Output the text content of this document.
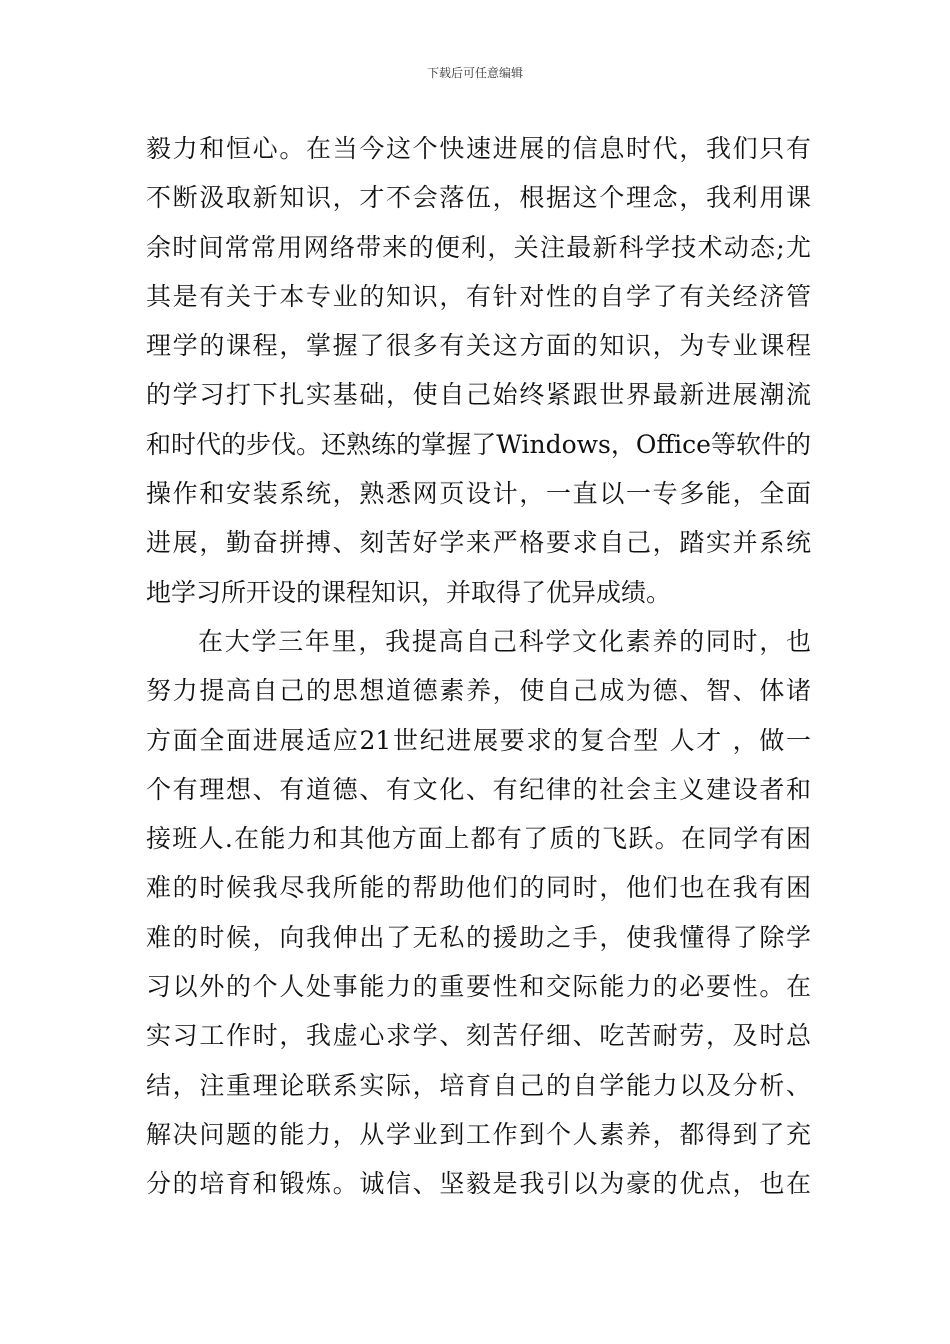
下载后可任意编辑
毅力和恒心。在当今这个快速进展的信息时代，我们只有
不断汲取新知识，才不会落伍，根据这个理念，我利用课
余时间常常用网络带来的便利，关注最新科学技术动态;尤
其是有关于本专业的知识，有针对性的自学了有关经济管
理学的课程，掌握了很多有关这方面的知识，为专业课程
的学习打下扎实基础，使自己始终紧跟世界最新进展潮流
和时代的步伐。还熟练的掌握了Windows，Office等软件的
操作和安装系统，熟悉网页设计，一直以一专多能，全面
进展，勤奋拼搏、刻苦好学来严格要求自己，踏实并系统
地学习所开设的课程知识，并取得了优异成绩。
在大学三年里，我提高自己科学文化素养的同时，也
努力提高自己的思想道德素养，使自己成为德、智、体诸
方面全面进展适应21世纪进展要求的复合型 人才 ，做一
个有理想、有道德、有文化、有纪律的社会主义建设者和
接班人.在能力和其他方面上都有了质的飞跃。在同学有困
难的时候我尽我所能的帮助他们的同时，他们也在我有困
难的时候，向我伸出了无私的援助之手，使我懂得了除学
习以外的个人处事能力的重要性和交际能力的必要性。在
实习工作时，我虚心求学、刻苦仔细、吃苦耐劳，及时总
结，注重理论联系实际，培育自己的自学能力以及分析、
解决问题的能力，从学业到工作到个人素养，都得到了充
分的培育和锻炼。诚信、坚毅是我引以为豪的优点，也在
